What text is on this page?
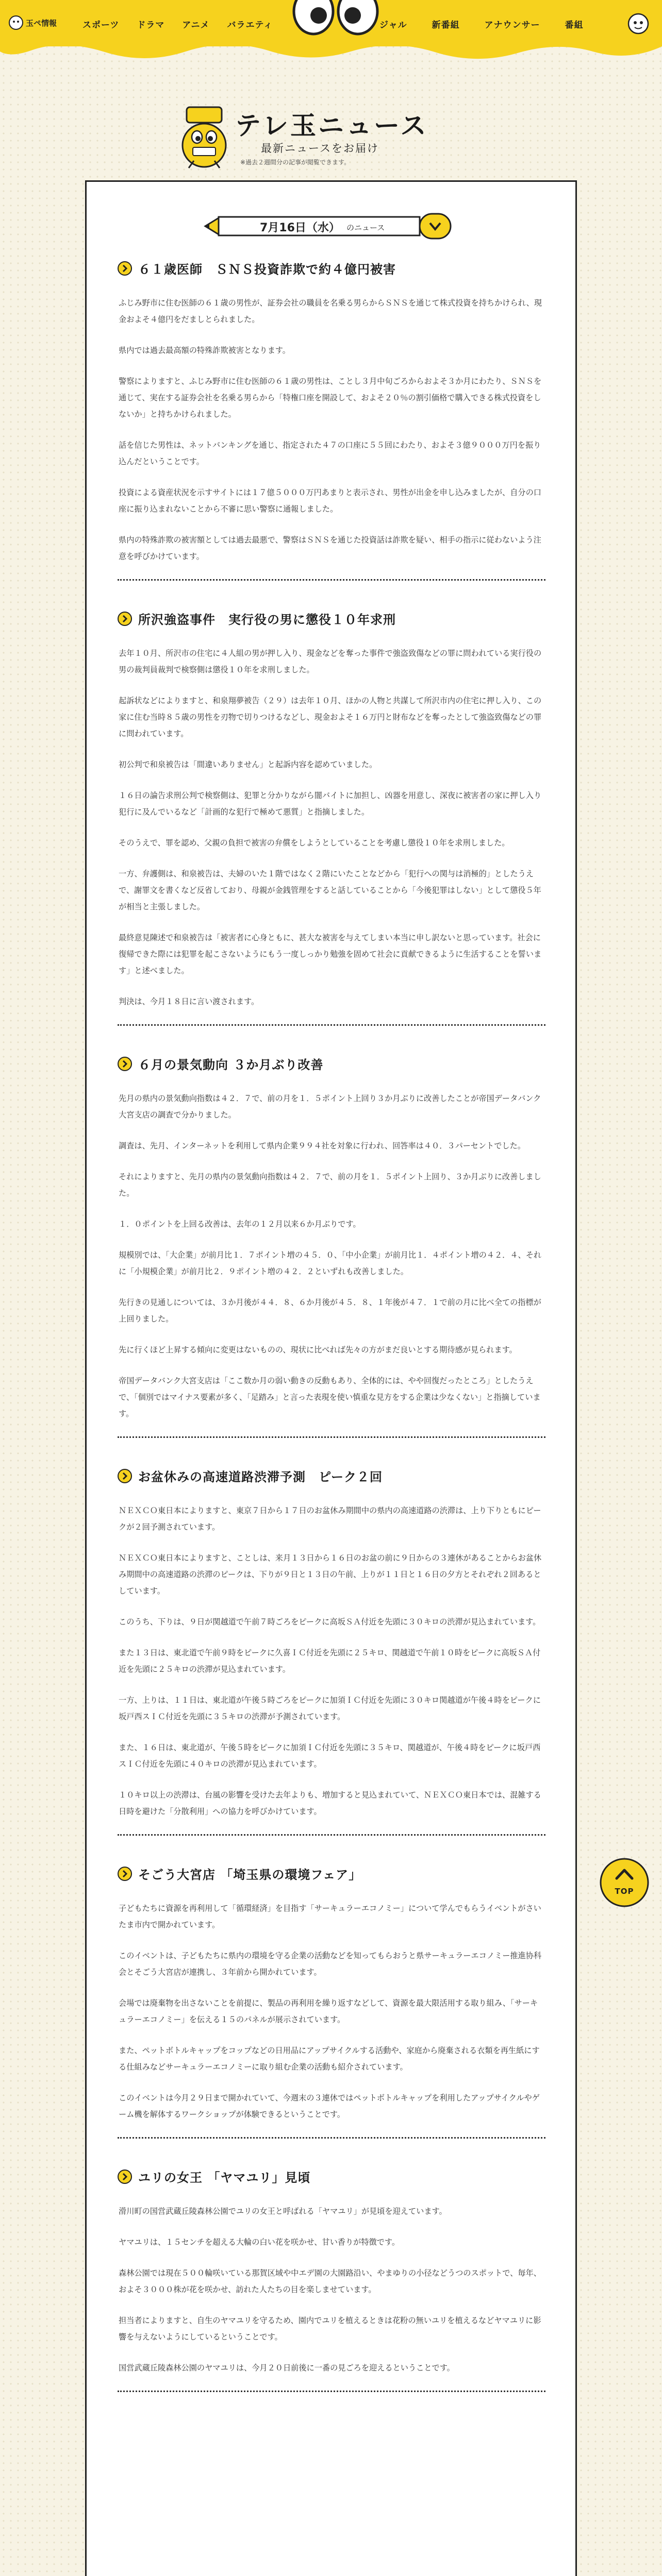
玉ペ情報	スポーツ ドラマ アニメ バラエティ	ジャル	新番組	アナウンサー	番組
テレ玉ニュース
最新ニュースをお届け
※過去２週間分の記事が閲覧できます。
7月16日（水） のニュース
６１歳医師　ＳＮＳ投資詐欺で約４億円被害

ふじみ野市に住む医師の６１歳の男性が、証券会社の職員を名乗る男らからＳＮＳを通じて株式投資を持ちかけられ、現金およそ４億円をだましとられました。

県内では過去最高額の特殊詐欺被害となります。

警察によりますと、ふじみ野市に住む医師の６１歳の男性は、ことし３月中旬ごろからおよそ３か月にわたり、ＳＮＳを通じて、実在する証券会社を名乗る男らから「特権口座を開設して、およそ２０％の割引価格で購入できる株式投資をしないか」と持ちかけられました。

話を信じた男性は、ネットバンキングを通じ、指定された４７の口座に５５回にわたり、およそ３億９０００万円を振り込んだということです。

投資による資産状況を示すサイトには１７億５０００万円あまりと表示され、男性が出金を申し込みましたが、自分の口座に振り込まれないことから不審に思い警察に通報しました。

県内の特殊詐欺の被害額としては過去最悪で、警察はＳＮＳを通じた投資話は詐欺を疑い、相手の指示に従わないよう注意を呼びかけています。

所沢強盗事件　実行役の男に懲役１０年求刑

去年１０月、所沢市の住宅に４人組の男が押し入り、現金などを奪った事件で強盗致傷などの罪に問われている実行役の男の裁判員裁判で検察側は懲役１０年を求刑しました。

起訴状などによりますと、和泉翔夢被告（２９）は去年１０月、ほかの人物と共謀して所沢市内の住宅に押し入り、この家に住む当時８５歳の男性を刃物で切りつけるなどし、現金およそ１６万円と財布などを奪ったとして強盗致傷などの罪に問われています。

初公判で和泉被告は「間違いありません」と起訴内容を認めていました。

１６日の論告求刑公判で検察側は、犯罪と分かりながら闇バイトに加担し、凶器を用意し、深夜に被害者の家に押し入り犯行に及んでいるなど「計画的な犯行で極めて悪質」と指摘しました。

そのうえで、罪を認め、父親の負担で被害の弁償をしようとしていることを考慮し懲役１０年を求刑しました。

一方、弁護側は、和泉被告は、夫婦のいた１階ではなく２階にいたことなどから「犯行への関与は消極的」としたうえで、謝罪文を書くなど反省しており、母親が金銭管理をすると話していることから「今後犯罪はしない」として懲役５年が相当と主張しました。

最終意見陳述で和泉被告は「被害者に心身ともに、甚大な被害を与えてしまい本当に申し訳ないと思っています。社会に復帰できた際には犯罪を起こさないようにもう一度しっかり勉強を固めて社会に貢献できるように生活することを誓います」と述べました。

判決は、今月１８日に言い渡されます。

６月の景気動向 ３か月ぶり改善

先月の県内の景気動向指数は４２．７で、前の月を１．５ポイント上回り３か月ぶりに改善したことが帝国データバンク大宮支店の調査で分かりました。

調査は、先月、インターネットを利用して県内企業９９４社を対象に行われ、回答率は４０．３パーセントでした。

それによりますと、先月の県内の景気動向指数は４２．７で、前の月を１．５ポイント上回り、３か月ぶりに改善しました。

１．０ポイントを上回る改善は、去年の１２月以来６か月ぶりです。

規模別では、「大企業」が前月比１．７ポイント増の４５．０、「中小企業」が前月比１．４ポイント増の４２．４、それに「小規模企業」が前月比２．９ポイント増の４２．２といずれも改善しました。

先行きの見通しについては、３か月後が４４．８、６か月後が４５．８、１年後が４７．１で前の月に比べ全ての指標が上回りました。

先に行くほど上昇する傾向に変更はないものの、現状に比べれば先々の方がまだ良いとする期待感が見られます。

帝国データバンク大宮支店は「ここ数か月の弱い動きの反動もあり、全体的には、やや回復だったところ」としたうえで、「個別ではマイナス要素が多く、「足踏み」と言った表現を使い慎重な見方をする企業は少なくない」と指摘しています。

お盆休みの高速道路渋滞予測　ピーク２回

ＮＥＸＣＯ東日本によりますと、東京７日から１７日のお盆休み期間中の県内の高速道路の渋滞は、上り下りともにピークが２回予測されています。

ＮＥＸＣＯ東日本によりますと、ことしは、来月１３日から１６日のお盆の前に９日からの３連休があることからお盆休み期間中の高速道路の渋滞のピークは、下りが９日と１３日の午前、上りが１１日と１６日の夕方とそれぞれ２回あるとしています。

このうち、下りは、９日が関越道で午前７時ごろをピークに高坂ＳＡ付近を先頭に３０キロの渋滞が見込まれています。

また１３日は、東北道で午前９時をピークに久喜ＩＣ付近を先頭に２５キロ、関越道で午前１０時をピークに高坂ＳＡ付近を先頭に２５キロの渋滞が見込まれています。

一方、上りは、１１日は、東北道が午後５時ごろをピークに加須ＩＣ付近を先頭に３０キロ関越道が午後４時をピークに坂戸西スＩＣ付近を先頭に３５キロの渋滞が予測されています。

また、１６日は、東北道が、午後５時をピークに加須ＩＣ付近を先頭に３５キロ、関越道が、午後４時をピークに坂戸西スＩＣ付近を先頭に４０キロの渋滞が見込まれています。

１０キロ以上の渋滞は、台風の影響を受けた去年よりも、増加すると見込まれていて、ＮＥＸＣＯ東日本では、混雑する日時を避けた「分散利用」への協力を呼びかけています。

そごう大宮店 「埼玉県の環境フェア」

子どもたちに資源を再利用して「循環経済」を目指す「サーキュラーエコノミー」について学んでもらうイベントがさいたま市内で開かれています。

このイベントは、子どもたちに県内の環境を守る企業の活動などを知ってもらおうと県サーキュラーエコノミー推進协科会とそごう大宮店が連携し、３年前から開かれています。

会場では廃棄物を出さないことを前提に、製品の再利用を繰り返すなどして、資源を最大限活用する取り組み、「サーキュラーエコノミー」を伝える１５のパネルが展示されています。

また、ペットボトルキャップをコップなどの日用品にアップサイクルする活動や、家庭から廃棄される衣類を再生紙にする仕組みなどサーキュラーエコノミーに取り組む企業の活動も紹介されています。

このイベントは今月２９日まで開かれていて、今週末の３連休ではペットボトルキャップを利用したアップサイクルやゲーム機を解体するワークショップが体験できるということです。

ユリの女王 「ヤマユリ」見頃

滑川町の国営武蔵丘陵森林公園でユリの女王と呼ばれる「ヤマユリ」が見頃を迎えています。

ヤマユリは、１５センチを超える大輪の白い花を咲かせ、甘い香りが特徴です。

森林公園では現在５００輪咲いている那賀区域や中エデ園の大園路沿い、やまゆりの小径などうつのスポットで、毎年、およそ３０００株が花を咲かせ、訪れた人たちの目を楽しませています。

担当者によりますと、自生のヤマユリを守るため、園内でユリを植えるときは花粉の無いユリを植えるなどヤマユリに影響を与えないようにしているということです。

国営武蔵丘陵森林公園のヤマユリは、今月２０日前後に一番の見ごろを迎えるということです。

TOP
